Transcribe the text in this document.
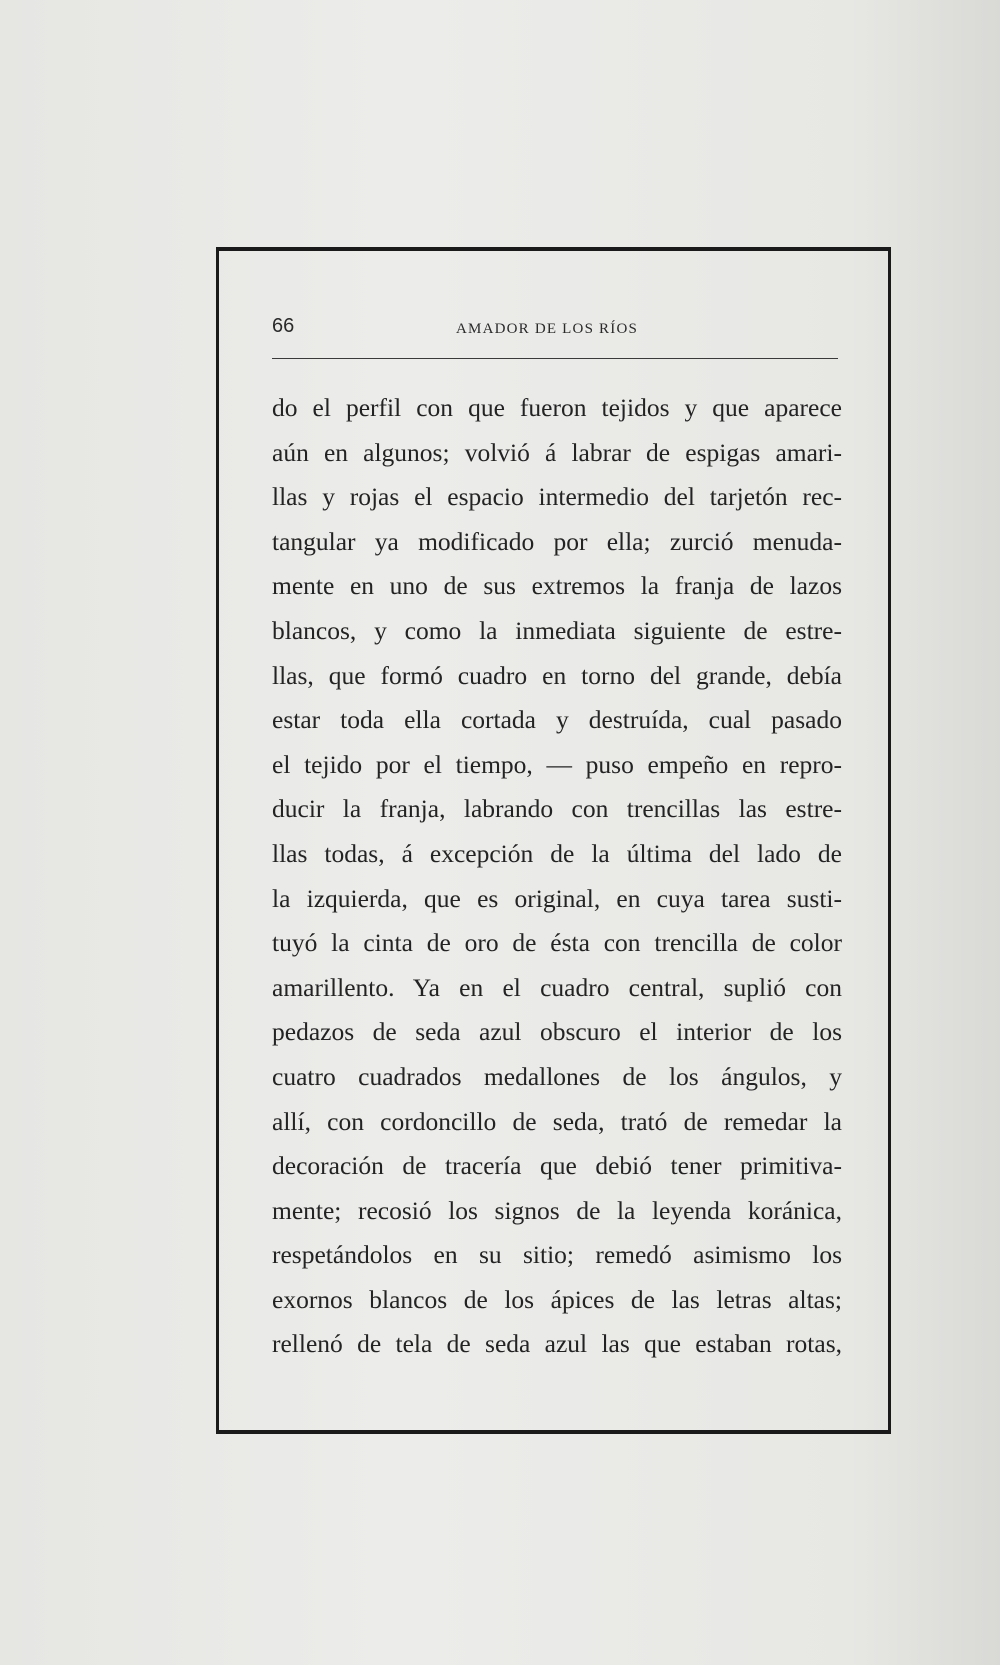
66	AMADOR DE LOS RÍOS
do el perfil con que fueron tejidos y que aparece
aún en algunos; volvió á labrar de espigas amari-
llas y rojas el espacio intermedio del tarjetón rec-
tangular ya modificado por ella; zurció menuda-
mente en uno de sus extremos la franja de lazos
blancos, y como la inmediata siguiente de estre-
llas, que formó cuadro en torno del grande, debía
estar toda ella cortada y destruída, cual pasado
el tejido por el tiempo, — puso empeño en repro-
ducir la franja, labrando con trencillas las estre-
llas todas, á excepción de la última del lado de
la izquierda, que es original, en cuya tarea susti-
tuyó la cinta de oro de ésta con trencilla de color
amarillento. Ya en el cuadro central, suplió con
pedazos de seda azul obscuro el interior de los
cuatro cuadrados medallones de los ángulos, y
allí, con cordoncillo de seda, trató de remedar la
decoración de tracería que debió tener primitiva-
mente; recosió los signos de la leyenda koránica,
respetándolos en su sitio; remedó asimismo los
exornos blancos de los ápices de las letras altas;
rellenó de tela de seda azul las que estaban rotas,
